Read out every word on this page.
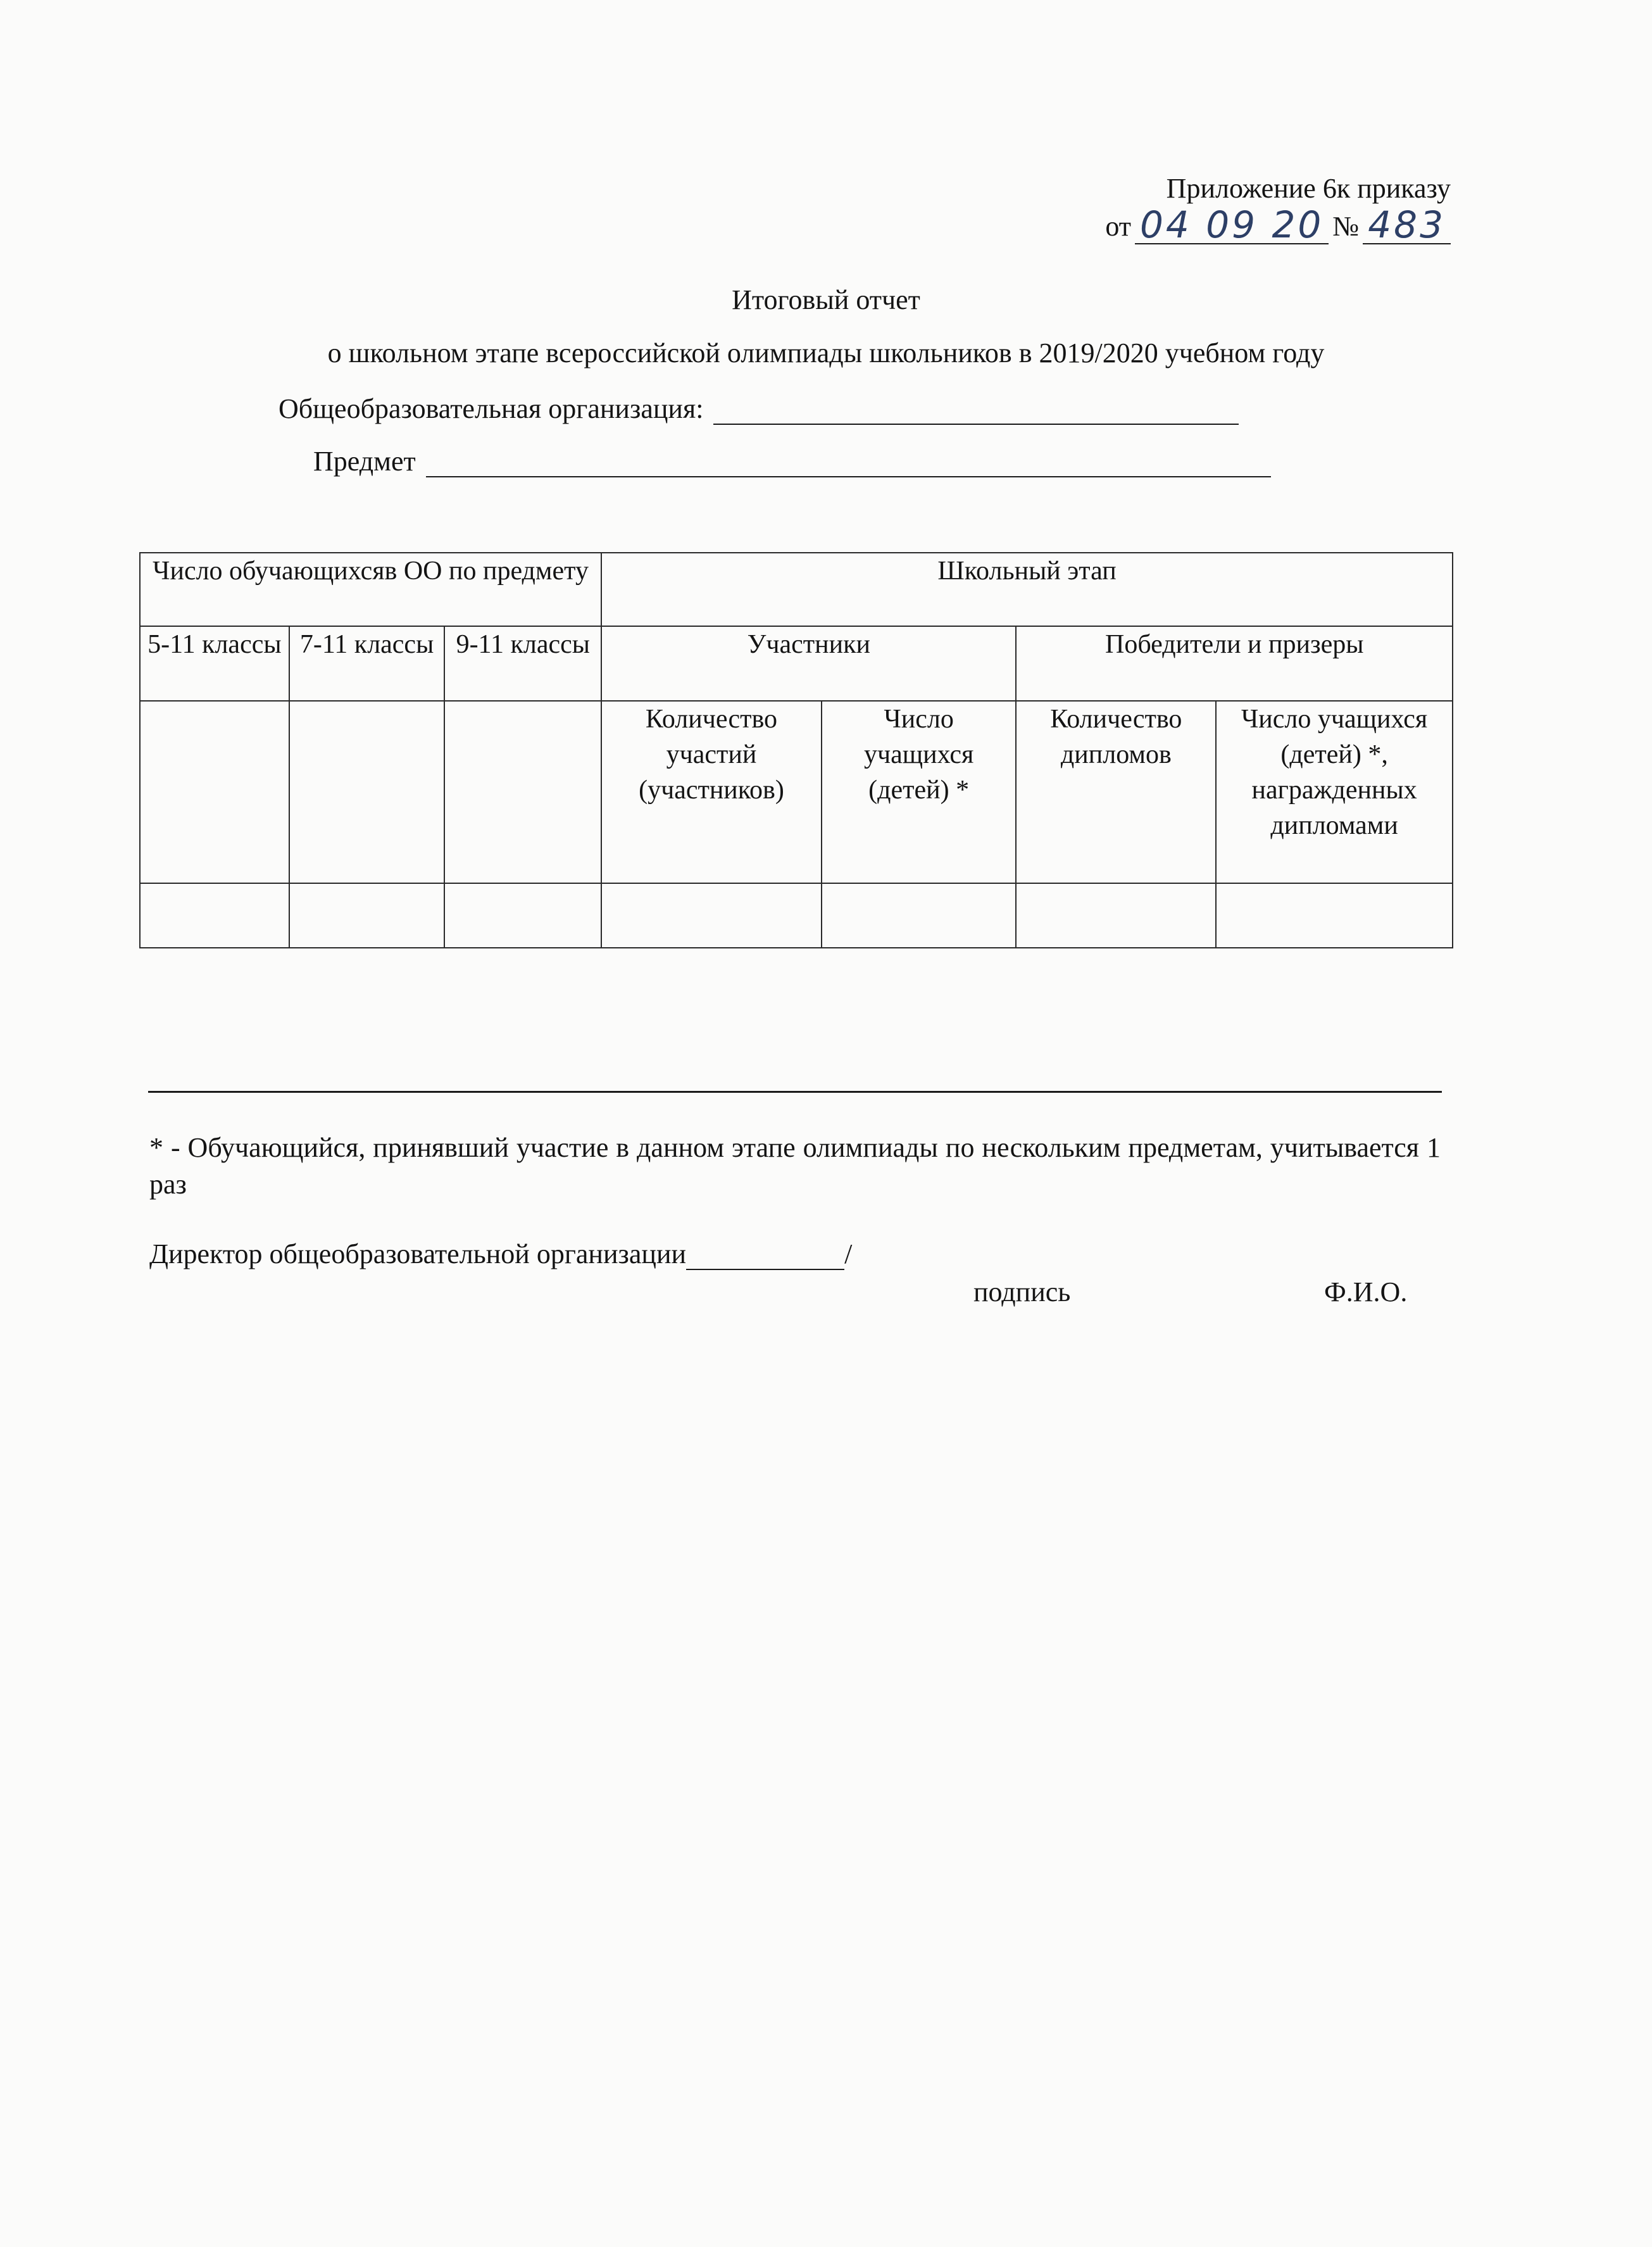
Приложение 6к приказу
от 04 09 20 № 483
Итоговый отчет
о школьном этапе всероссийской олимпиады школьников в 2019/2020 учебном году
Общеобразовательная организация:
Предмет
Число обучающихсяв ОО по предмету			Школьный этап			
5-11 классы	7-11 классы	9-11 классы	Участники		Победители и призеры	
			Количество участий (участников)	Число учащихся (детей) *	Количество дипломов	Число учащихся (детей) *, награжденных дипломами

* - Обучающийся, принявший участие в данном этапе олимпиады по нескольким предметам, учитывается 1 раз
Директор общеобразовательной организации	/
подпись	Ф.И.О.
